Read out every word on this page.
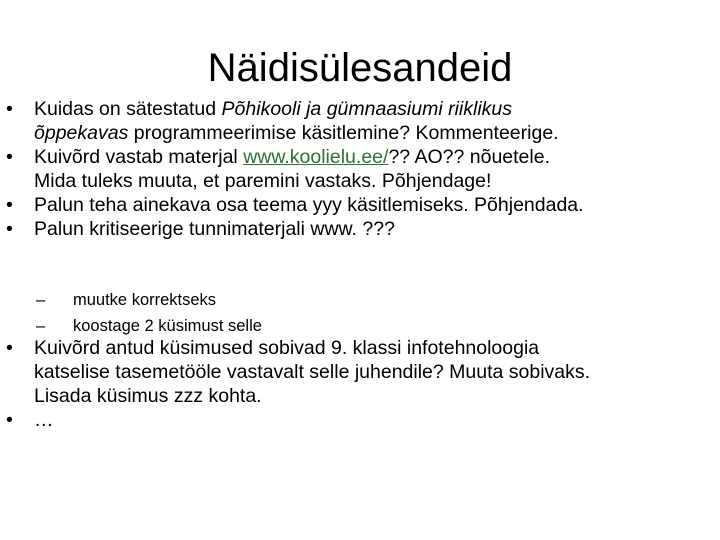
Näidisülesandeid
•	Kuidas on sätestatud Põhikooli ja gümnaasiumi riiklikus
õppekavas programmeerimise käsitlemine? Kommenteerige.
•	Kuivõrd vastab materjal www.koolielu.ee/?? AO?? nõuetele.
Mida tuleks muuta, et paremini vastaks. Põhjendage!
•	Palun teha ainekava osa teema yyy käsitlemiseks. Põhjendada.
•	Palun kritiseerige tunnimaterjali www. ???
– muutke korrektseks
– koostage 2 küsimust selle
•	Kuivõrd antud küsimused sobivad 9. klassi infotehnoloogia
katselise tasemetööle vastavalt selle juhendile? Muuta sobivaks.
Lisada küsimus zzz kohta.
•	…
